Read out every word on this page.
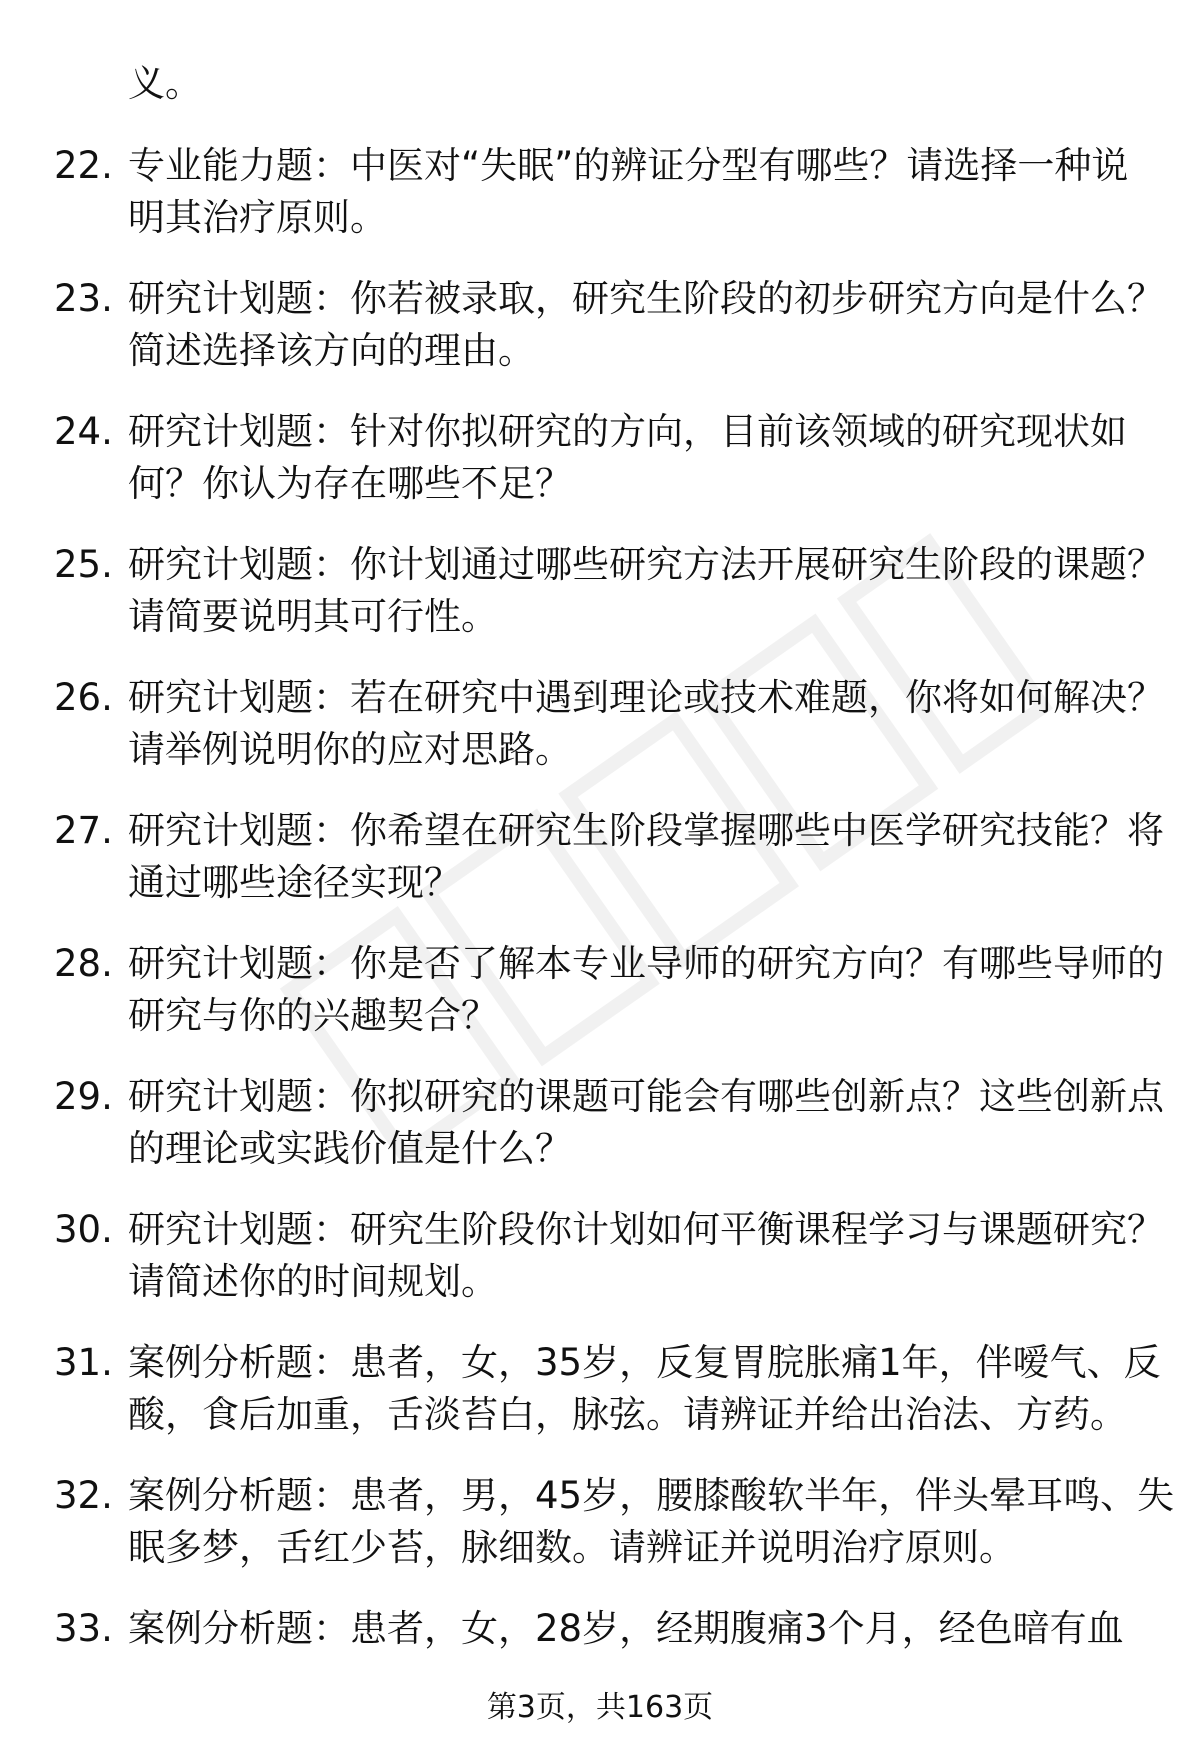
义。
22. 专业能力题：中医对“失眠”的辨证分型有哪些？请选择一种说
明其治疗原则。
23. 研究计划题：你若被录取，研究生阶段的初步研究方向是什么？
简述选择该方向的理由。
24. 研究计划题：针对你拟研究的方向，目前该领域的研究现状如
何？你认为存在哪些不足？
25. 研究计划题：你计划通过哪些研究方法开展研究生阶段的课题？
请简要说明其可行性。
26. 研究计划题：若在研究中遇到理论或技术难题，你将如何解决？
请举例说明你的应对思路。
27. 研究计划题：你希望在研究生阶段掌握哪些中医学研究技能？将
通过哪些途径实现？
28. 研究计划题：你是否了解本专业导师的研究方向？有哪些导师的
研究与你的兴趣契合？
29. 研究计划题：你拟研究的课题可能会有哪些创新点？这些创新点
的理论或实践价值是什么？
30. 研究计划题：研究生阶段你计划如何平衡课程学习与课题研究？
请简述你的时间规划。
31. 案例分析题：患者，女，35岁，反复胃脘胀痛1年，伴嗳气、反
酸，食后加重，舌淡苔白，脉弦。请辨证并给出治法、方药。
32. 案例分析题：患者，男，45岁，腰膝酸软半年，伴头晕耳鸣、失
眠多梦，舌红少苔，脉细数。请辨证并说明治疗原则。
33. 案例分析题：患者，女，28岁，经期腹痛3个月，经色暗有血
第3页，共163页
